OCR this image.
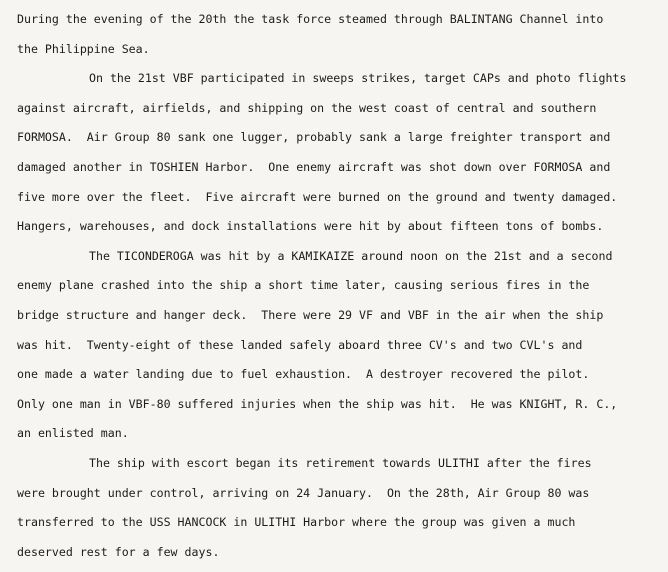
During the evening of the 20th the task force steamed through BALINTANG Channel into
the Philippine Sea.
On the 21st VBF participated in sweeps strikes, target CAPs and photo flights
against aircraft, airfields, and shipping on the west coast of central and southern
FORMOSA.  Air Group 80 sank one lugger, probably sank a large freighter transport and
damaged another in TOSHIEN Harbor.  One enemy aircraft was shot down over FORMOSA and
five more over the fleet.  Five aircraft were burned on the ground and twenty damaged.
Hangers, warehouses, and dock installations were hit by about fifteen tons of bombs.
The TICONDEROGA was hit by a KAMIKAIZE around noon on the 21st and a second
enemy plane crashed into the ship a short time later, causing serious fires in the
bridge structure and hanger deck.  There were 29 VF and VBF in the air when the ship
was hit.  Twenty-eight of these landed safely aboard three CV's and two CVL's and
one made a water landing due to fuel exhaustion.  A destroyer recovered the pilot.
Only one man in VBF-80 suffered injuries when the ship was hit.  He was KNIGHT, R. C.,
an enlisted man.
The ship with escort began its retirement towards ULITHI after the fires
were brought under control, arriving on 24 January.  On the 28th, Air Group 80 was
transferred to the USS HANCOCK in ULITHI Harbor where the group was given a much
deserved rest for a few days.
